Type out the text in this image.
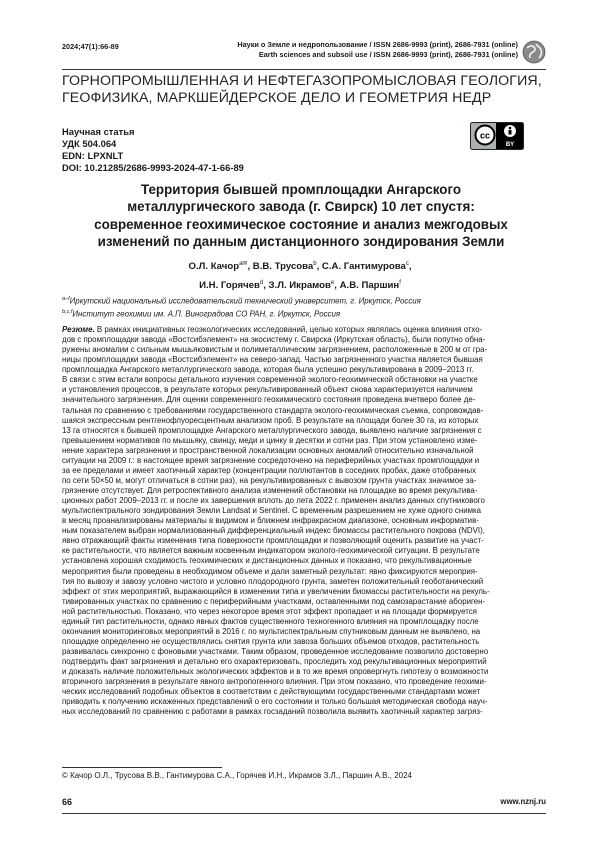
2024;47(1):66-89	Науки о Земле и недропользование / ISSN 2686-9993 (print), 2686-7931 (online)
Earth sciences and subsoil use / ISSN 2686-9993 (print), 2686-7931 (online)
ГОРНОПРОМЫШЛЕННАЯ И НЕФТЕГАЗОПРОМЫСЛОВАЯ ГЕОЛОГИЯ,
ГЕОФИЗИКА, МАРКШЕЙДЕРСКОЕ ДЕЛО И ГЕОМЕТРИЯ НЕДР
Научная статья
УДК 504.064
EDN: LPXNLT
DOI: 10.21285/2686-9993-2024-47-1-66-89
cc
BY
Территория бывшей промплощадки Ангарского
металлургического завода (г. Свирск) 10 лет спустя:
современное геохимическое состояние и анализ межгодовых
изменений по данным дистанционного зондирования Земли
О.Л. Качор$^{a✉}$, В.В. Трусова$^b$, С.А. Гантимурова$^c$,
И.Н. Горячев$^d$, З.Л. Икрамов$^e$, А.В. Паршин$^f$
$^{a-f}$Иркутский национальный исследовательский технический университет, г. Иркутск, Россия
$^{b,c,f}$Институт геохимии им. А.П. Виноградова СО РАН, г. Иркутск, Россия
Резюме. В рамках инициативных геоэкологических исследований, целью которых являлась оценка влияния отхо-
дов с промплощадки завода «Востсибэлемент» на экосистему г. Свирска (Иркутская область), были попутно обна-
ружены аномалии с сильным мышьяковистым и полиметаллическим загрязнением, расположенные в 200 м от гра-
ницы промплощадки завода «Востсибэлемент» на северо-запад. Частью загрязненного участка является бывшая
промплощадка Ангарского металлургического завода, которая была успешно рекультивирована в 2009–2013 гг.
В связи с этим встали вопросы детального изучения современной эколого-геохимической обстановки на участке
и установления процессов, в результате которых рекультивированный объект снова характеризуется наличием
значительного загрязнения. Для оценки современного геохимического состояния проведена вчетверо более де-
тальная по сравнению с требованиями государственного стандарта эколого-геохимическая съемка, сопровождав-
шаяся экспрессным рентгенофлуоресцентным анализом проб. В результате на площади более 30 га, из которых
13 га относятся к бывшей промплощадке Ангарского металлургического завода, выявлено наличие загрязнения с
превышением нормативов по мышьяку, свинцу, меди и цинку в десятки и сотни раз. При этом установлено изме-
нение характера загрязнения и пространственной локализации основных аномалий относительно изначальной
ситуации на 2009 г.: в настоящее время загрязнение сосредоточено на периферийных участках промплощадки и
за ее пределами и имеет хаотичный характер (концентрации поллютантов в соседних пробах, даже отобранных
по сети 50×50 м, могут отличаться в сотни раз), на рекультивированных с вывозом грунта участках значимое за-
грязнение отсутствует. Для ретроспективного анализа изменений обстановки на площадке во время рекультива-
ционных работ 2009–2013 гг. и после их завершения вплоть до лета 2022 г. применен анализ данных спутникового
мультиспектрального зондирования Земли Landsat и Sentinel. С временным разрешением не хуже одного снимка
в месяц проанализированы материалы в видимом и ближнем инфракрасном диапазоне, основным информатив-
ным показателем выбран нормализованный дифференциальный индекс биомассы растительного покрова (NDVI),
явно отражающий факты изменения типа поверхности промплощадки и позволяющий оценить развитие на участ-
ке растительности, что является важным косвенным индикатором эколого-геохимической ситуации. В результате
установлена хорошая сходимость геохимических и дистанционных данных и показано, что рекультивационные
мероприятия были проведены в необходимом объеме и дали заметный результат: явно фиксируются мероприя-
тия по вывозу и завозу условно чистого и условно плодородного грунта, заметен положительный геоботанический
эффект от этих мероприятий, выражающийся в изменении типа и увеличении биомассы растительности на рекуль-
тивированных участках по сравнению с периферийными участками, оставленными под самозарастание абориген-
ной растительностью. Показано, что через некоторое время этот эффект пропадает и на площади формируется
единый тип растительности, однако явных фактов существенного техногенного влияния на промплощадку после
окончания мониторинговых мероприятий в 2016 г. по мультиспектральным спутниковым данным не выявлено, на
площадке определенно не осуществлялись снятия грунта или завоза больших объемов отходов, растительность
развивалась синхронно с фоновыми участками. Таким образом, проведенное исследование позволило достоверно
подтвердить факт загрязнения и детально его охарактеризовать, проследить ход рекультивационных мероприятий
и доказать наличие положительных экологических эффектов и в то же время опровергнуть гипотезу о возможности
вторичного загрязнения в результате явного антропогенного влияния. При этом показано, что проведение геохими-
ческих исследований подобных объектов в соответствии с действующими государственными стандартами может
приводить к получению искаженных представлений о его состоянии и только большая методическая свобода науч-
ных исследований по сравнению с работами в рамках госзаданий позволила выявить хаотичный характер загряз-
© Качор О.Л., Трусова В.В., Гантимурова С.А., Горячев И.Н., Икрамов З.Л., Паршин А.В., 2024
66	www.nznj.ru
